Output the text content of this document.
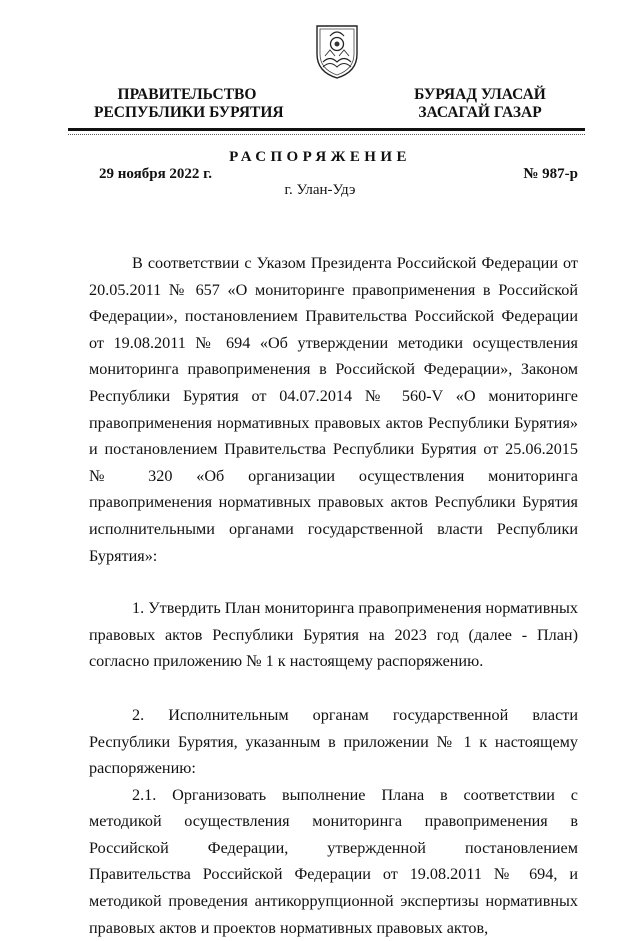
ПРАВИТЕЛЬСТВО
РЕСПУБЛИКИ БУРЯТИЯ
БУРЯАД УЛАСАЙ
ЗАСАГАЙ ГАЗАР
РАСПОРЯЖЕНИЕ
29 ноября 2022 г.	№ 987-р
г. Улан-Удэ

В соответствии с Указом Президента Российской Федерации от 20.05.2011 № 657 «О мониторинге правоприменения в Российской Федерации», постановлением Правительства Российской Федерации от 19.08.2011 № 694 «Об утверждении методики осуществления мониторинга правоприменения в Российской Федерации», Законом Республики Бурятия от 04.07.2014 № 560-V «О мониторинге правоприменения нормативных правовых актов Республики Бурятия» и постановлением Правительства Республики Бурятия от 25.06.2015 № 320 «Об организации осуществления мониторинга правоприменения нормативных правовых актов Республики Бурятия исполнительными органами государственной власти Республики Бурятия»:

1. Утвердить План мониторинга правоприменения нормативных правовых актов Республики Бурятия на 2023 год (далее - План) согласно приложению № 1 к настоящему распоряжению.

2. Исполнительным органам государственной власти Республики Бурятия, указанным в приложении № 1 к настоящему распоряжению:

2.1. Организовать выполнение Плана в соответствии с методикой осуществления мониторинга правоприменения в Российской Федерации, утвержденной постановлением Правительства Российской Федерации от 19.08.2011 № 694, и методикой проведения антикоррупционной экспертизы нормативных правовых актов и проектов нормативных правовых актов,
